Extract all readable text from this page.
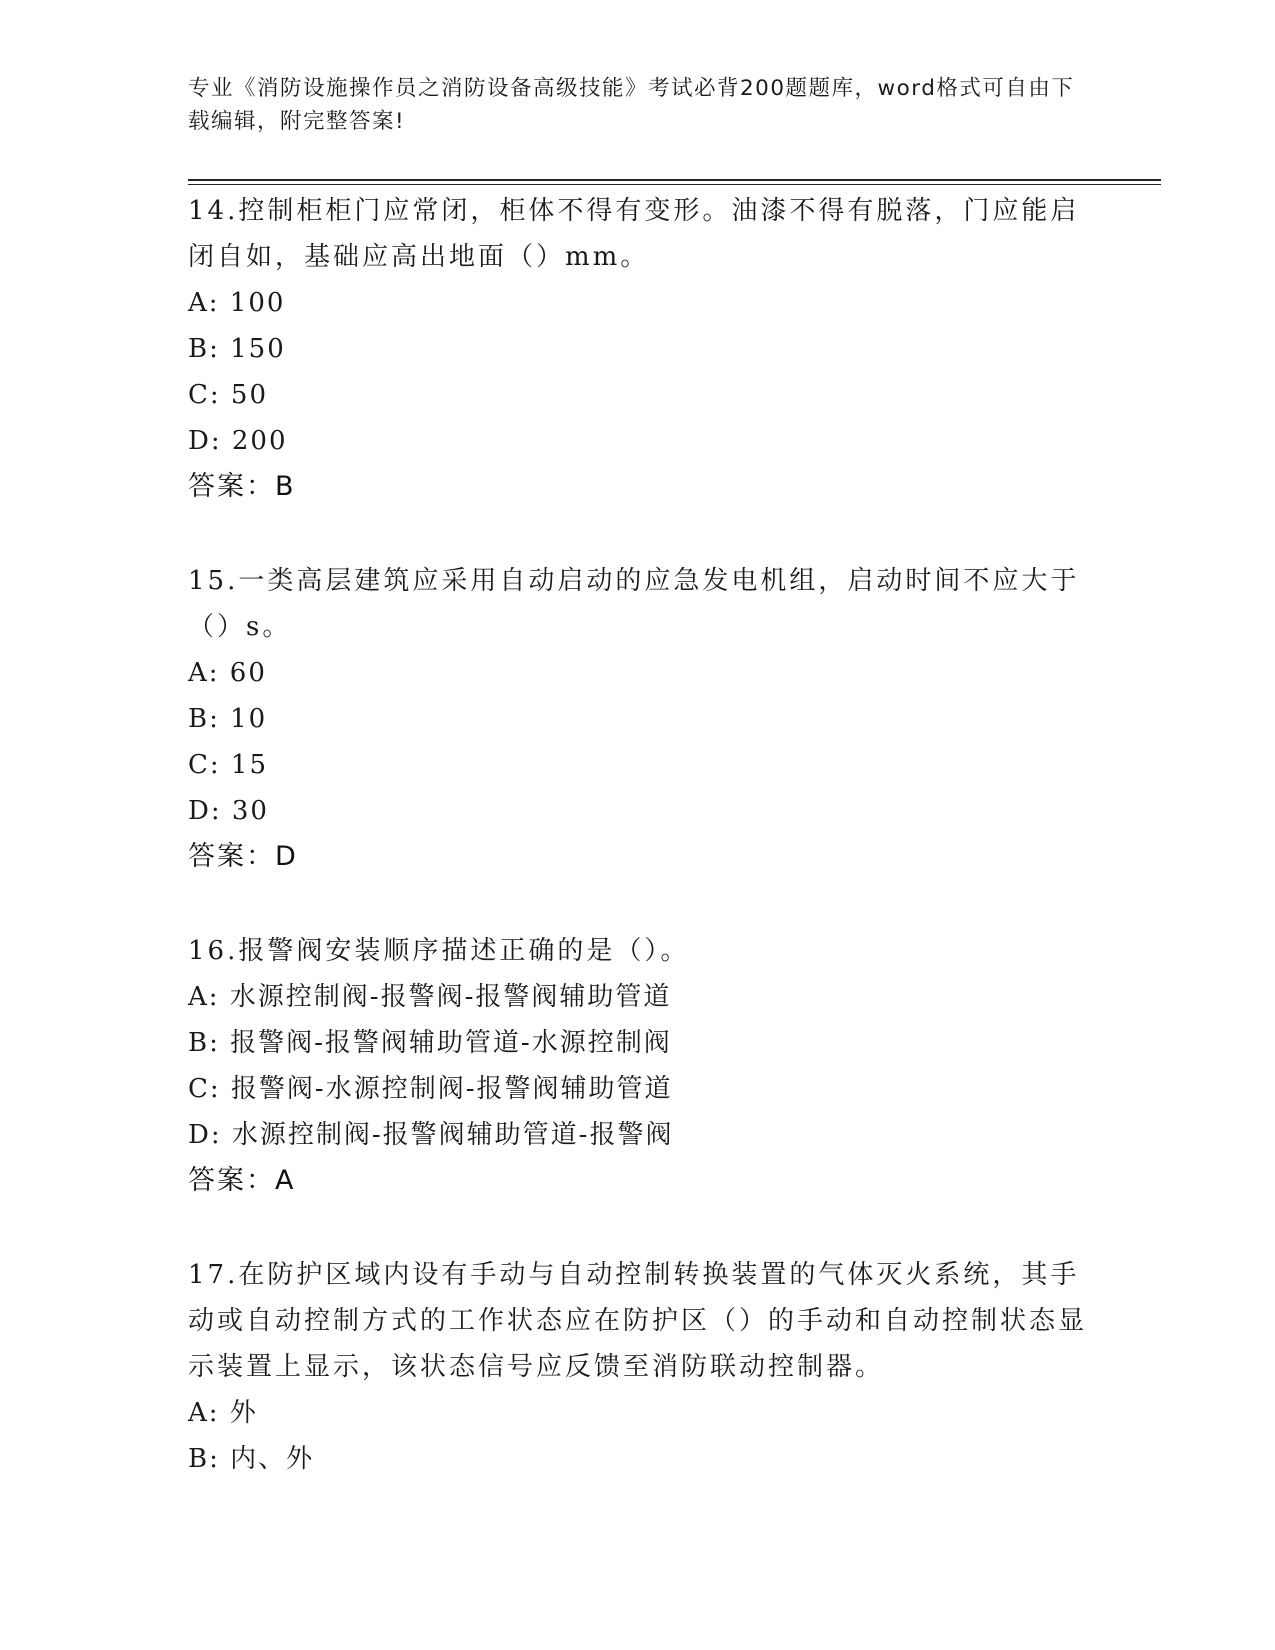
专业《消防设施操作员之消防设备高级技能》考试必背200题题库，word格式可自由下载编辑，附完整答案!
14.控制柜柜门应常闭，柜体不得有变形。油漆不得有脱落，门应能启闭自如，基础应高出地面（）mm。
A: 100
B: 150
C: 50
D: 200
答案：B
15.一类高层建筑应采用自动启动的应急发电机组，启动时间不应大于（）s。
A: 60
B: 10
C: 15
D: 30
答案：D
16.报警阀安装顺序描述正确的是（）。
A: 水源控制阀-报警阀-报警阀辅助管道
B: 报警阀-报警阀辅助管道-水源控制阀
C: 报警阀-水源控制阀-报警阀辅助管道
D: 水源控制阀-报警阀辅助管道-报警阀
答案：A
17.在防护区域内设有手动与自动控制转换装置的气体灭火系统，其手动或自动控制方式的工作状态应在防护区（）的手动和自动控制状态显示装置上显示，该状态信号应反馈至消防联动控制器。
A: 外
B: 内、外
